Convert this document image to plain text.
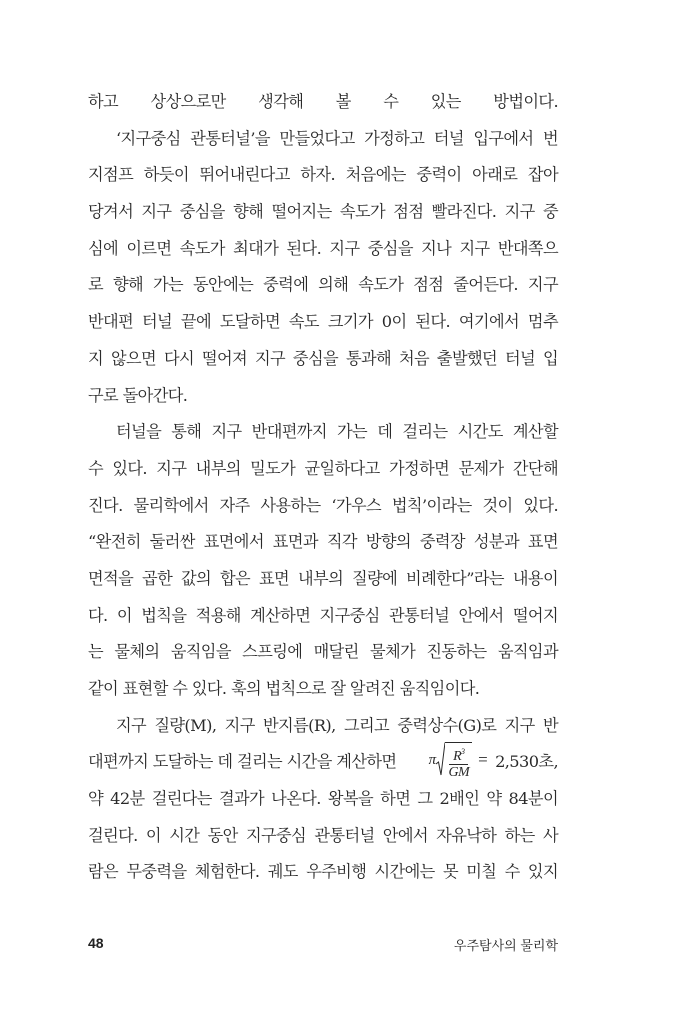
하고 상상으로만 생각해 볼 수 있는 방법이다.
‘지구중심 관통터널’을 만들었다고 가정하고 터널 입구에서 번
지점프 하듯이 뛰어내린다고 하자. 처음에는 중력이 아래로 잡아
당겨서 지구 중심을 향해 떨어지는 속도가 점점 빨라진다. 지구 중
심에 이르면 속도가 최대가 된다. 지구 중심을 지나 지구 반대쪽으
로 향해 가는 동안에는 중력에 의해 속도가 점점 줄어든다. 지구
반대편 터널 끝에 도달하면 속도 크기가 0이 된다. 여기에서 멈추
지 않으면 다시 떨어져 지구 중심을 통과해 처음 출발했던 터널 입
구로 돌아간다.
터널을 통해 지구 반대편까지 가는 데 걸리는 시간도 계산할
수 있다. 지구 내부의 밀도가 균일하다고 가정하면 문제가 간단해
진다. 물리학에서 자주 사용하는 ‘가우스 법칙’이라는 것이 있다.
“완전히 둘러싼 표면에서 표면과 직각 방향의 중력장 성분과 표면
면적을 곱한 값의 합은 표면 내부의 질량에 비례한다”라는 내용이
다. 이 법칙을 적용해 계산하면 지구중심 관통터널 안에서 떨어지
는 물체의 움직임을 스프링에 매달린 물체가 진동하는 움직임과
같이 표현할 수 있다. 훅의 법칙으로 잘 알려진 움직임이다.
지구 질량(M), 지구 반지름(R), 그리고 중력상수(G)로 지구 반
대편까지 도달하는 데 걸리는 시간을 계산하면 π $\frac{R^3}{GM} = 2,530$초,
약 42분 걸린다는 결과가 나온다. 왕복을 하면 그 2배인 약 84분이
걸린다. 이 시간 동안 지구중심 관통터널 안에서 자유낙하 하는 사
람은 무중력을 체험한다. 궤도 우주비행 시간에는 못 미칠 수 있지
48	우주탐사의 물리학
